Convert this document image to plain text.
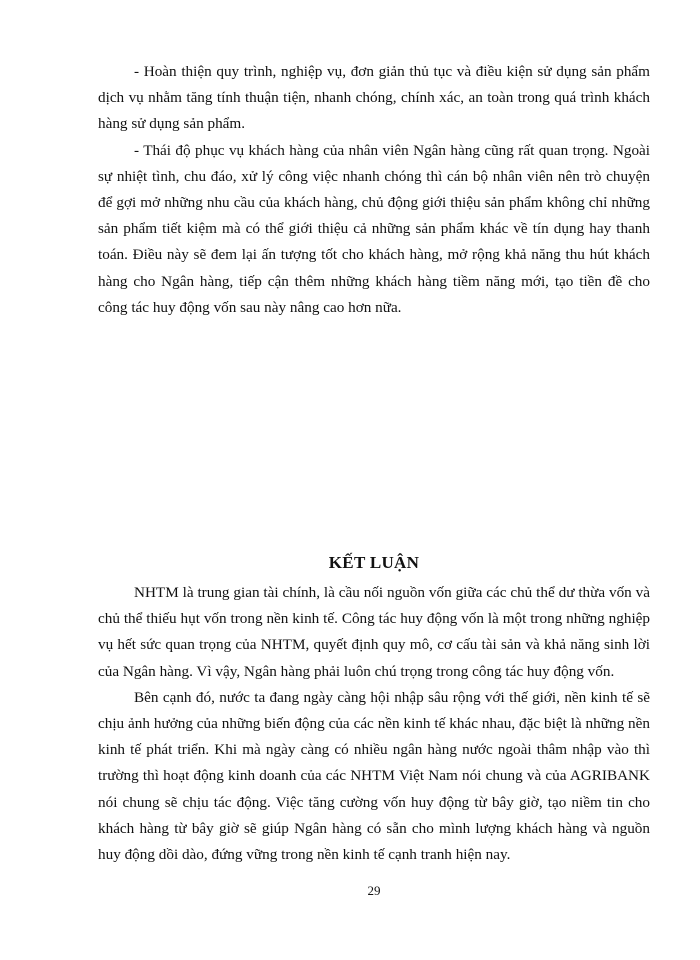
- Hoàn thiện quy trình, nghiệp vụ, đơn giản thủ tục và điều kiện sử dụng sản phẩm dịch vụ nhằm tăng tính thuận tiện, nhanh chóng, chính xác, an toàn trong quá trình khách hàng sử dụng sản phẩm.

- Thái độ phục vụ khách hàng của nhân viên Ngân hàng cũng rất quan trọng. Ngoài sự nhiệt tình, chu đáo, xử lý công việc nhanh chóng thì cán bộ nhân viên nên trò chuyện để gợi mở những nhu cầu của khách hàng, chủ động giới thiệu sản phẩm không chỉ những sản phẩm tiết kiệm mà có thể giới thiệu cả những sản phẩm khác về tín dụng hay thanh toán. Điều này sẽ đem lại ấn tượng tốt cho khách hàng, mở rộng khả năng thu hút khách hàng cho Ngân hàng, tiếp cận thêm những khách hàng tiềm năng mới, tạo tiền đề cho công tác huy động vốn sau này nâng cao hơn nữa.

KẾT LUẬN

NHTM là trung gian tài chính, là cầu nối nguồn vốn giữa các chủ thể dư thừa vốn và chủ thể thiếu hụt vốn trong nền kinh tế. Công tác huy động vốn là một trong những nghiệp vụ hết sức quan trọng của NHTM, quyết định quy mô, cơ cấu tài sản và khả năng sinh lời của Ngân hàng. Vì vậy, Ngân hàng phải luôn chú trọng trong công tác huy động vốn.

Bên cạnh đó, nước ta đang ngày càng hội nhập sâu rộng với thế giới, nền kinh tế sẽ chịu ảnh hưởng của những biến động của các nền kinh tế khác nhau, đặc biệt là những nền kinh tế phát triển. Khi mà ngày càng có nhiều ngân hàng nước ngoài thâm nhập vào thì trường thì hoạt động kinh doanh của các NHTM Việt Nam nói chung và của AGRIBANK nói chung sẽ chịu tác động. Việc tăng cường vốn huy động từ bây giờ, tạo niềm tin cho khách hàng từ bây giờ sẽ giúp Ngân hàng có sẵn cho mình lượng khách hàng và nguồn huy động dồi dào, đứng vững trong nền kinh tế cạnh tranh hiện nay.

29
